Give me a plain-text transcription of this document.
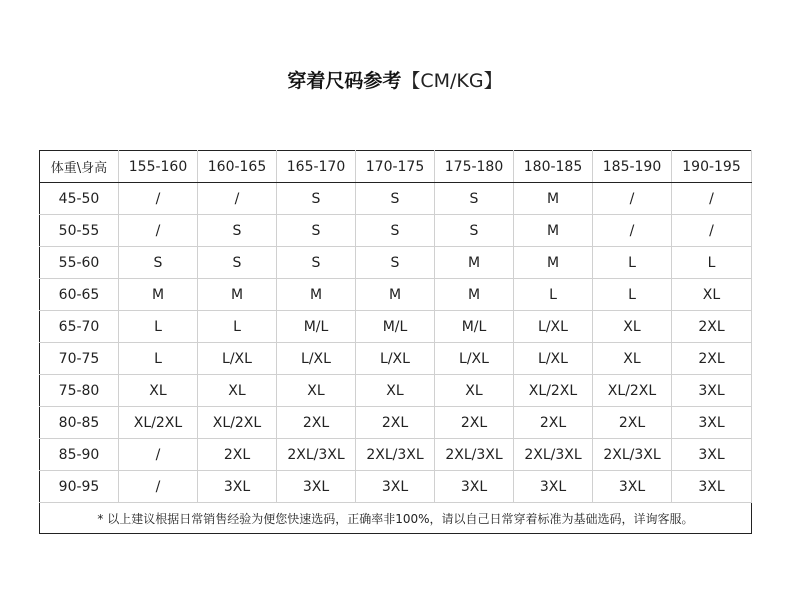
穿着尺码参考【CM/KG】
体重\身高	155-160	160-165	165-170	170-175	175-180	180-185	185-190	190-195
45-50	/	/	S	S	S	M	/	/
50-55	/	S	S	S	S	M	/	/
55-60	S	S	S	S	M	M	L	L
60-65	M	M	M	M	M	L	L	XL
65-70	L	L	M/L	M/L	M/L	L/XL	XL	2XL
70-75	L	L/XL	L/XL	L/XL	L/XL	L/XL	XL	2XL
75-80	XL	XL	XL	XL	XL	XL/2XL	XL/2XL	3XL
80-85	XL/2XL	XL/2XL	2XL	2XL	2XL	2XL	2XL	3XL
85-90	/	2XL	2XL/3XL	2XL/3XL	2XL/3XL	2XL/3XL	2XL/3XL	3XL
90-95	/	3XL	3XL	3XL	3XL	3XL	3XL	3XL
* 以上建议根据日常销售经验为便您快速选码，正确率非100%，请以自己日常穿着标准为基础选码，详询客服。								
